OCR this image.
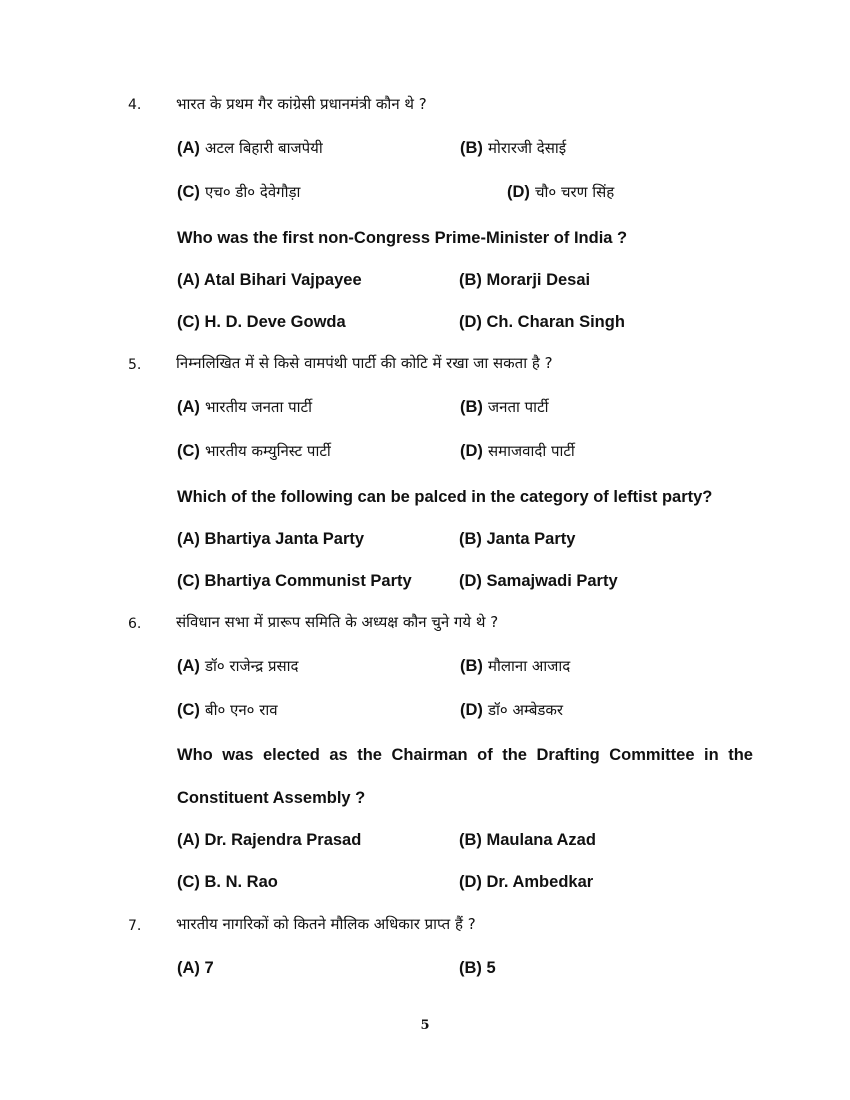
4. भारत के प्रथम गैर कांग्रेसी प्रधानमंत्री कौन थे ?
(A) अटल बिहारी बाजपेयी	(B) मोरारजी देसाई
(C) एच० डी० देवेगौड़ा	(D) चौ० चरण सिंह
Who was the first non-Congress Prime-Minister of India ?
(A) Atal Bihari Vajpayee	(B) Morarji Desai
(C) H. D. Deve Gowda	(D) Ch. Charan Singh
5. निम्नलिखित में से किसे वामपंथी पार्टी की कोटि में रखा जा सकता है ?
(A) भारतीय जनता पार्टी	(B) जनता पार्टी
(C) भारतीय कम्युनिस्ट पार्टी	(D) समाजवादी पार्टी
Which of the following can be palced in the category of leftist party?
(A) Bhartiya Janta Party	(B) Janta Party
(C) Bhartiya Communist Party	(D) Samajwadi Party
6. संविधान सभा में प्रारूप समिति के अध्यक्ष कौन चुने गये थे ?
(A) डॉ० राजेन्द्र प्रसाद	(B) मौलाना आजाद
(C) बी० एन० राव	(D) डॉ० अम्बेडकर
Who was elected as the Chairman of the Drafting Committee in the
Constituent Assembly ?
(A) Dr. Rajendra Prasad	(B) Maulana Azad
(C) B. N. Rao	(D) Dr. Ambedkar
7. भारतीय नागरिकों को कितने मौलिक अधिकार प्राप्त हैं ?
(A) 7	(B) 5
5
